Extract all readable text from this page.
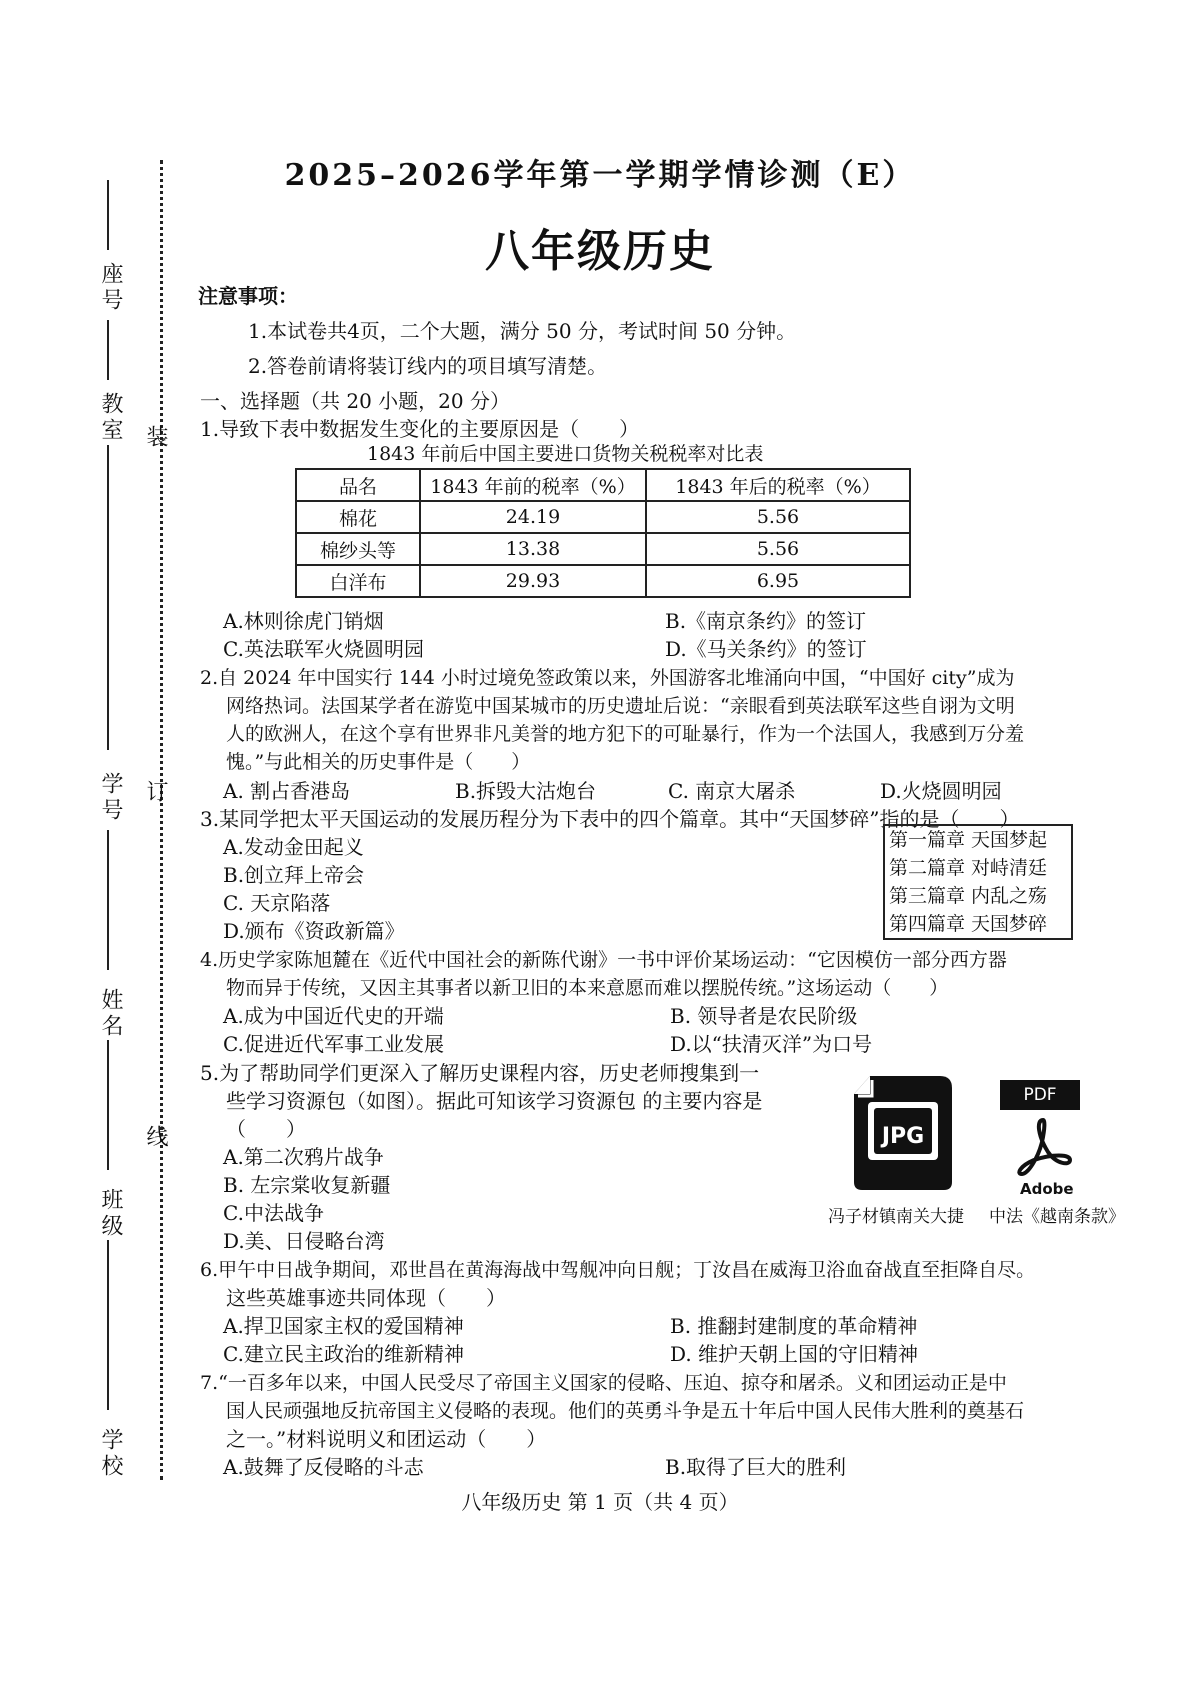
2025–2026学年第一学期学情诊测（E）
八年级历史
装
订
线
座号
教室
学号
姓名
班级
学校
注意事项：
1.本试卷共4页，二个大题，满分 50 分，考试时间 50 分钟。
2.答卷前请将装订线内的项目填写清楚。
一、选择题（共 20 小题，20 分）
1.导致下表中数据发生变化的主要原因是（　　）
1843 年前后中国主要进口货物关税税率对比表
品名	1843 年前的税率（%）	1843 年后的税率（%）
棉花	24.19	5.56
棉纱头等	13.38	5.56
白洋布	29.93	6.95
A.林则徐虎门销烟	B.《南京条约》的签订
C.英法联军火烧圆明园	D.《马关条约》的签订
2.自 2024 年中国实行 144 小时过境免签政策以来，外国游客北堆涌向中国，“中国好 city”成为
网络热词。法国某学者在游览中国某城市的历史遗址后说：“亲眼看到英法联军这些自诩为文明
人的欧洲人，在这个享有世界非凡美誉的地方犯下的可耻暴行，作为一个法国人，我感到万分羞
愧。”与此相关的历史事件是（　　）
A. 割占香港岛	B.拆毁大沽炮台	C. 南京大屠杀	D.火烧圆明园
3.某同学把太平天国运动的发展历程分为下表中的四个篇章。其中“天国梦碎”指的是（　　）
A.发动金田起义
B.创立拜上帝会
C. 天京陷落
D.颁布《资政新篇》
第一篇章 天国梦起
第二篇章 对峙清廷
第三篇章 内乱之殇
第四篇章 天国梦碎
4.历史学家陈旭麓在《近代中国社会的新陈代谢》一书中评价某场运动：“它因模仿一部分西方器
物而异于传统，又因主其事者以新卫旧的本来意愿而难以摆脱传统。”这场运动（　　）
A.成为中国近代史的开端	B. 领导者是农民阶级
C.促进近代军事工业发展	D.以“扶清灭洋”为口号
5.为了帮助同学们更深入了解历史课程内容，历史老师搜集到一
些学习资源包（如图）。据此可知该学习资源包 的主要内容是
（　　）
A.第二次鸦片战争
B. 左宗棠收复新疆
C.中法战争
D.美、日侵略台湾
JPG
PDF
Adobe
冯子材镇南关大捷 中法《越南条款》
6.甲午中日战争期间，邓世昌在黄海海战中驾舰冲向日舰；丁汝昌在威海卫浴血奋战直至拒降自尽。
这些英雄事迹共同体现（　　）
A.捍卫国家主权的爱国精神	B. 推翻封建制度的革命精神
C.建立民主政治的维新精神	D. 维护天朝上国的守旧精神
7.“一百多年以来，中国人民受尽了帝国主义国家的侵略、压迫、掠夺和屠杀。义和团运动正是中
国人民顽强地反抗帝国主义侵略的表现。他们的英勇斗争是五十年后中国人民伟大胜利的奠基石
之一。”材料说明义和团运动（　　）
A.鼓舞了反侵略的斗志	B.取得了巨大的胜利
八年级历史 第 1 页（共 4 页）
